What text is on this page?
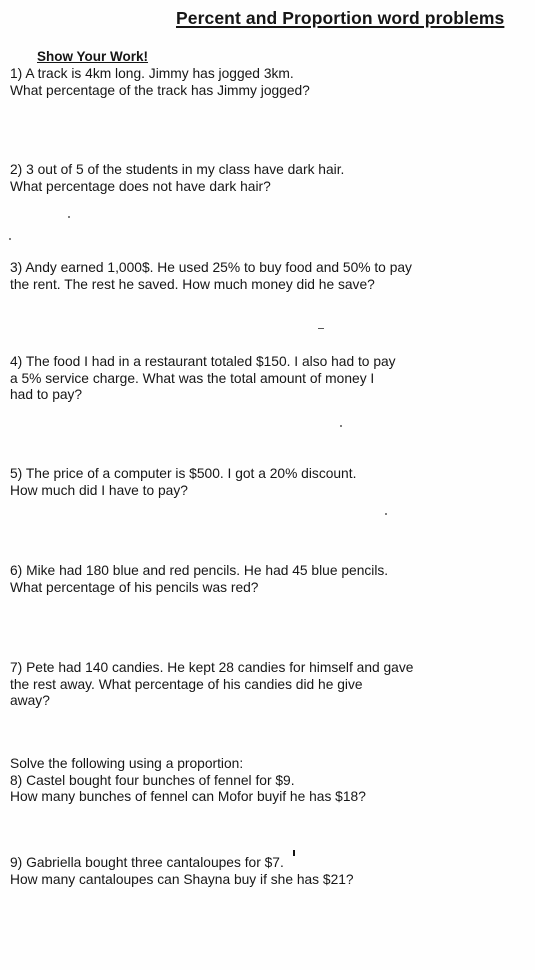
Percent and Proportion word problems
Show Your Work!
1) A track is 4km long. Jimmy has jogged 3km.
What percentage of the track has Jimmy jogged?
2) 3 out of 5 of the students in my class have dark hair.
What percentage does not have dark hair?
3) Andy earned 1,000$. He used 25% to buy food and 50% to pay
the rent. The rest he saved. How much money did he save?
4) The food I had in a restaurant totaled $150. I also had to pay
a 5% service charge. What was the total amount of money I
had to pay?
5) The price of a computer is $500. I got a 20% discount.
How much did I have to pay?
6) Mike had 180 blue and red pencils. He had 45 blue pencils.
What percentage of his pencils was red?
7) Pete had 140 candies. He kept 28 candies for himself and gave
the rest away. What percentage of his candies did he give
away?
Solve the following using a proportion:
8) Castel bought four bunches of fennel for $9.
How many bunches of fennel can Mofor buyif he has $18?
9) Gabriella bought three cantaloupes for $7.
How many cantaloupes can Shayna buy if she has $21?
